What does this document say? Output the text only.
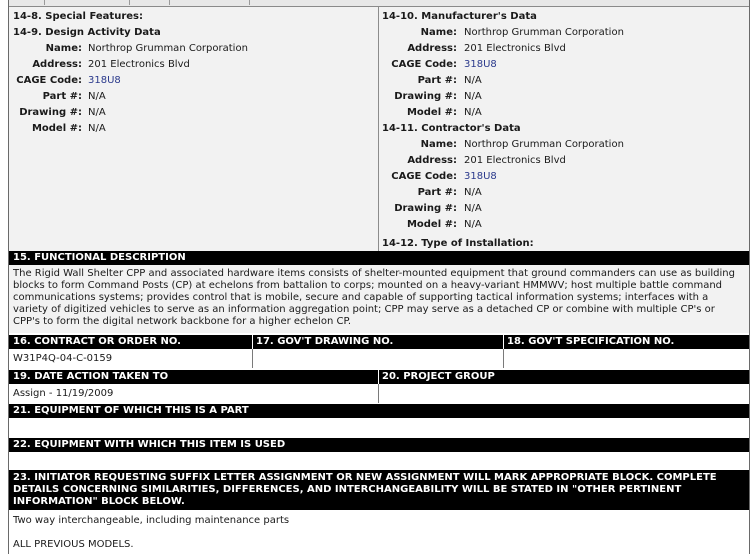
14-8. Special Features:
14-9. Design Activity Data
Name: Northrop Grumman Corporation
Address: 201 Electronics Blvd
CAGE Code: 318U8
Part #: N/A
Drawing #: N/A
Model #: N/A
14-10. Manufacturer's Data
Name: Northrop Grumman Corporation
Address: 201 Electronics Blvd
CAGE Code: 318U8
Part #: N/A
Drawing #: N/A
Model #: N/A
14-11. Contractor's Data
Name: Northrop Grumman Corporation
Address: 201 Electronics Blvd
CAGE Code: 318U8
Part #: N/A
Drawing #: N/A
Model #: N/A
14-12. Type of Installation:
15. FUNCTIONAL DESCRIPTION
The Rigid Wall Shelter CPP and associated hardware items consists of shelter-mounted equipment that ground commanders can use as building blocks to form Command Posts (CP) at echelons from battalion to corps; mounted on a heavy-variant HMMWV; host multiple battle command communications systems; provides control that is mobile, secure and capable of supporting tactical information systems; interfaces with a variety of digitized vehicles to serve as an information aggregation point; CPP may serve as a detached CP or combine with multiple CP's or CPP's to form the digital network backbone for a higher echelon CP.
16. CONTRACT OR ORDER NO.	17. GOV'T DRAWING NO.	18. GOV'T SPECIFICATION NO.
W31P4Q-04-C-0159
19. DATE ACTION TAKEN TO	20. PROJECT GROUP
Assign - 11/19/2009
21. EQUIPMENT OF WHICH THIS IS A PART
22. EQUIPMENT WITH WHICH THIS ITEM IS USED
23. INITIATOR REQUESTING SUFFIX LETTER ASSIGNMENT OR NEW ASSIGNMENT WILL MARK APPROPRIATE BLOCK. COMPLETE
DETAILS CONCERNING SIMILARITIES, DIFFERENCES, AND INTERCHANGEABILITY WILL BE STATED IN "OTHER PERTINENT
INFORMATION" BLOCK BELOW.
Two way interchangeable, including maintenance parts
ALL PREVIOUS MODELS.
